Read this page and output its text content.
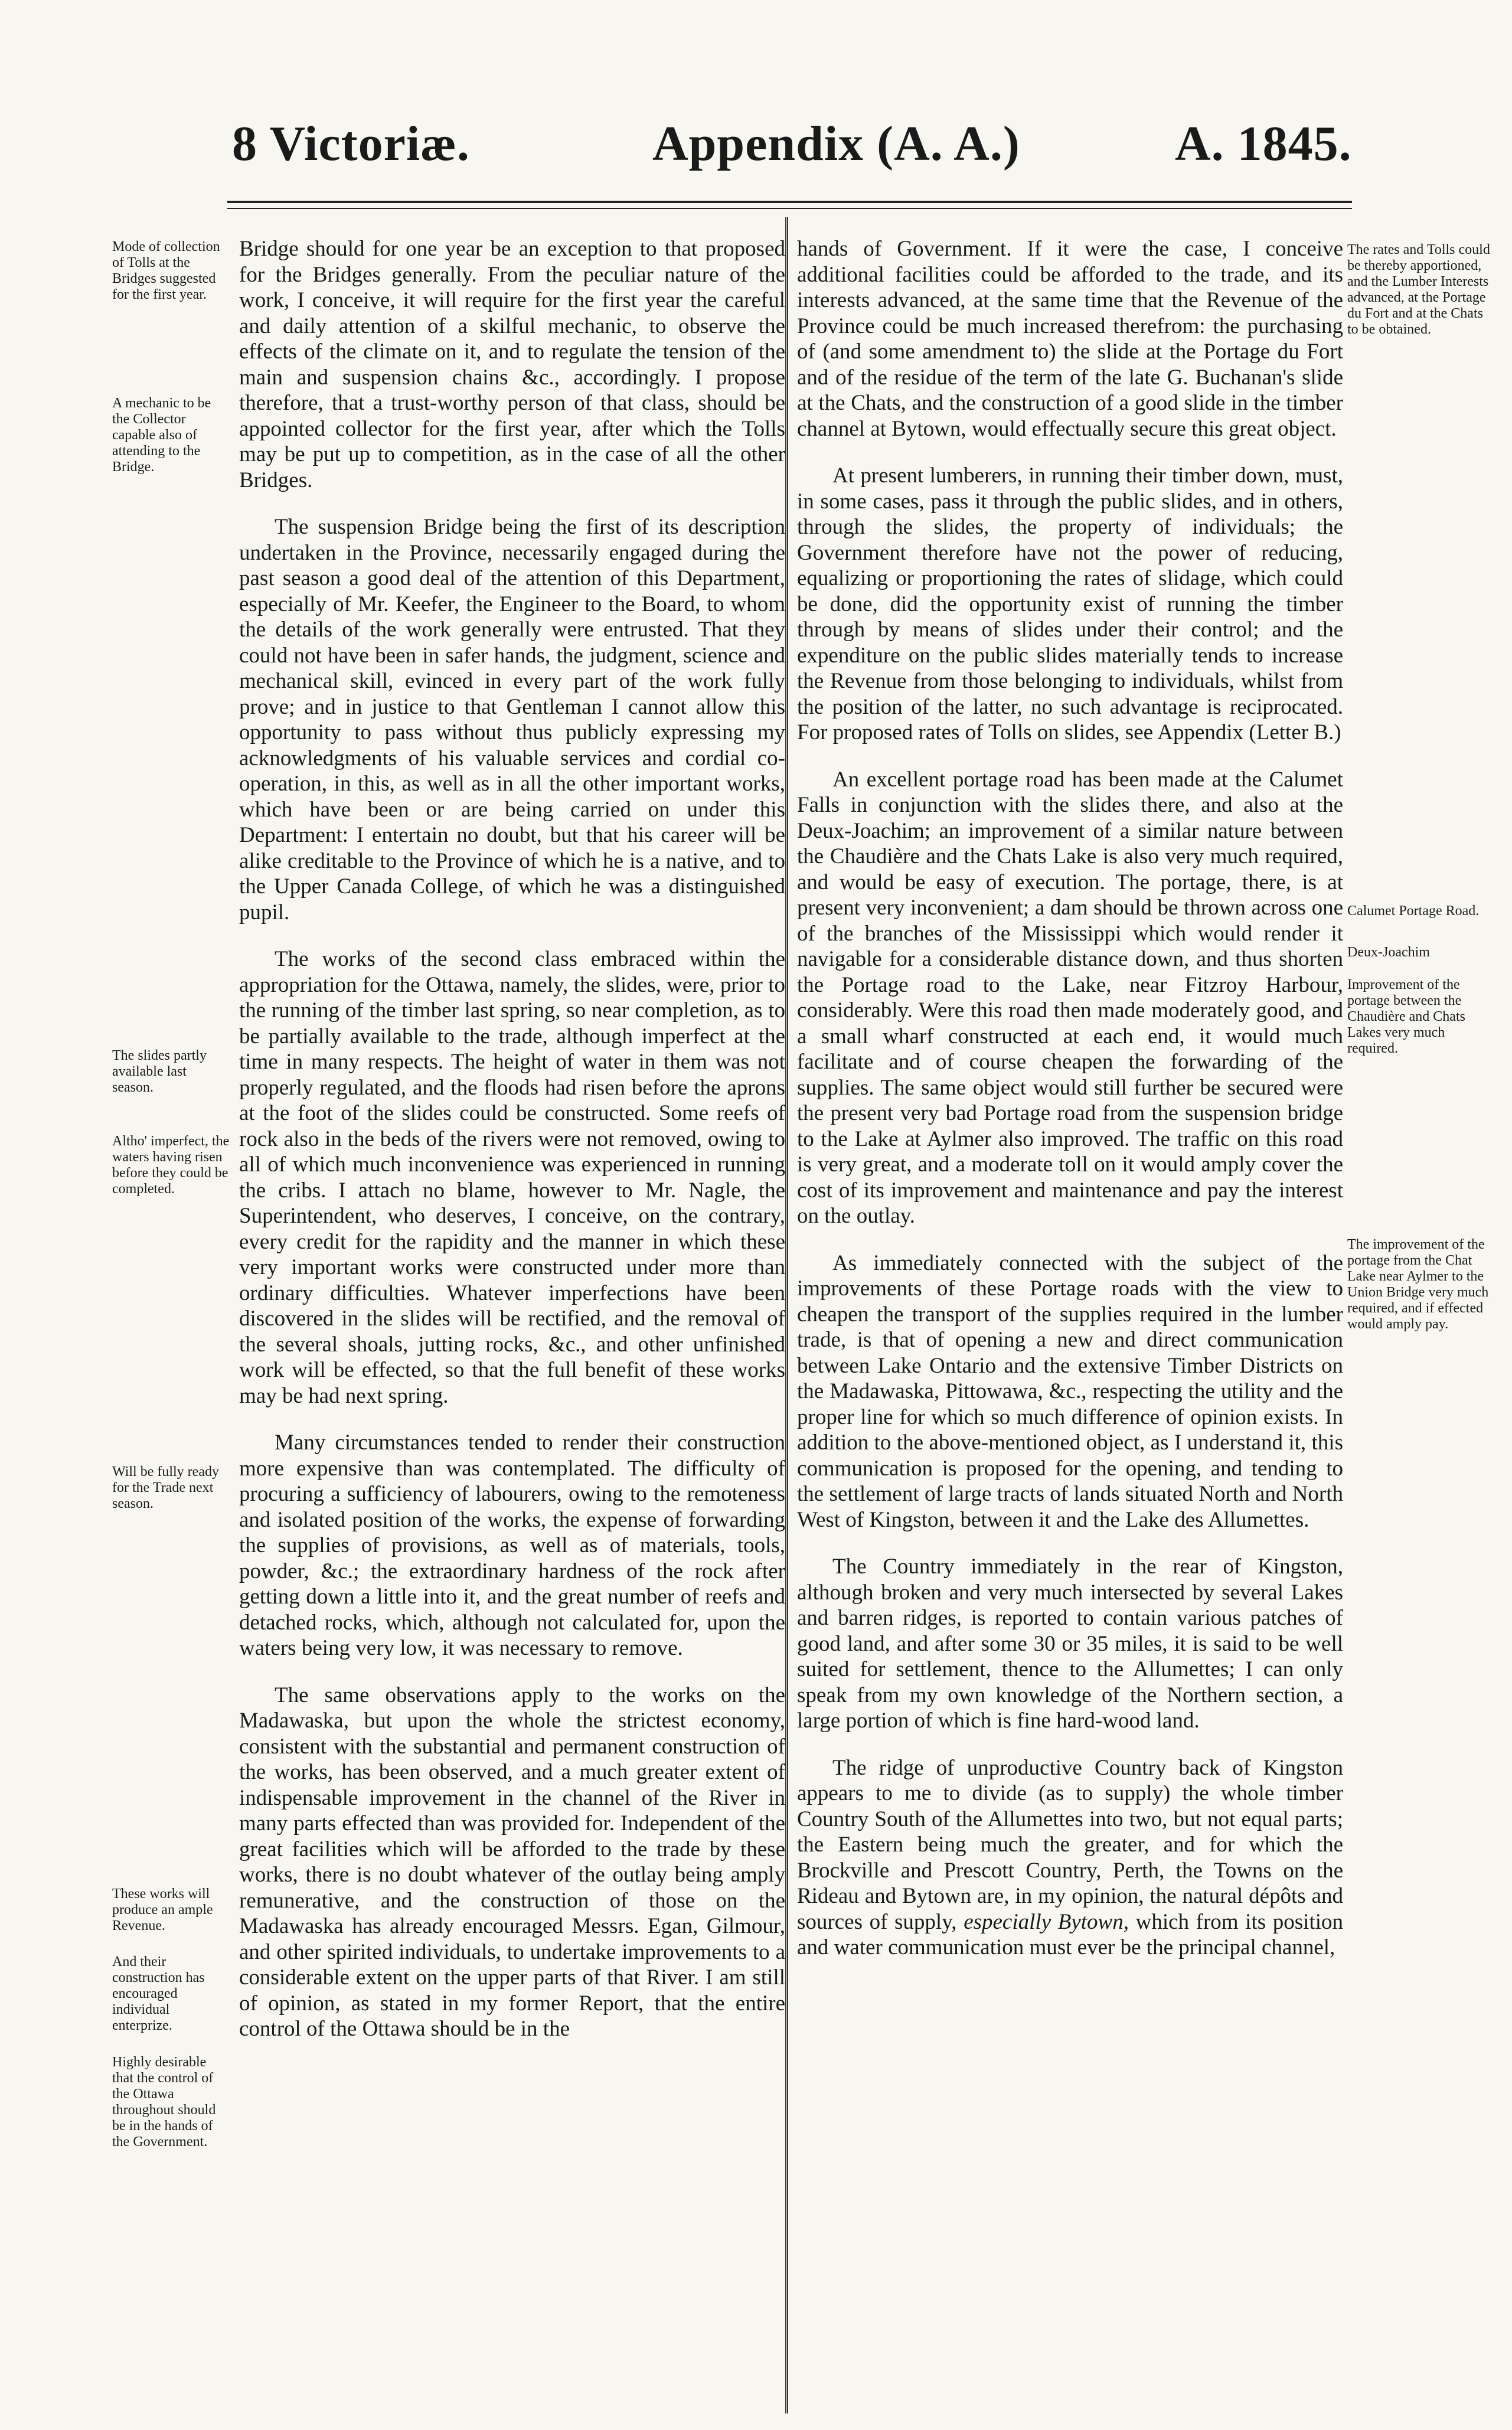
8 Victoriæ.	Appendix (A. A.)	A. 1845.
Mode of collection of Tolls at the Bridges suggested for the first year.
A mechanic to be the Collector capable also of attending to the Bridge.
The slides partly available last season.
Altho' imperfect, the waters having risen before they could be completed.
Will be fully ready for the Trade next season.
These works will produce an ample Revenue.
And their construction has encouraged individual enterprize.
Highly desirable that the control of the Ottawa throughout should be in the hands of the Government.
The rates and Tolls could be thereby apportioned, and the Lumber Interests advanced, at the Portage du Fort and at the Chats to be obtained.
Calumet Portage Road.
Deux-Joachim
Improvement of the portage between the Chaudière and Chats Lakes very much required.
The improvement of the portage from the Chat Lake near Aylmer to the Union Bridge very much required, and if effected would amply pay.

Bridge should for one year be an exception to that proposed for the Bridges generally. From the peculiar nature of the work, I conceive, it will require for the first year the careful and daily attention of a skilful mechanic, to observe the effects of the climate on it, and to regulate the tension of the main and suspension chains &c., accordingly. I propose therefore, that a trust-worthy person of that class, should be appointed collector for the first year, after which the Tolls may be put up to competition, as in the case of all the other Bridges.

The suspension Bridge being the first of its description undertaken in the Province, necessarily engaged during the past season a good deal of the attention of this Department, especially of Mr. Keefer, the Engineer to the Board, to whom the details of the work generally were entrusted. That they could not have been in safer hands, the judgment, science and mechanical skill, evinced in every part of the work fully prove; and in justice to that Gentleman I cannot allow this opportunity to pass without thus publicly expressing my acknowledgments of his valuable services and cordial co-operation, in this, as well as in all the other important works, which have been or are being carried on under this Department: I entertain no doubt, but that his career will be alike creditable to the Province of which he is a native, and to the Upper Canada College, of which he was a distinguished pupil.

The works of the second class embraced within the appropriation for the Ottawa, namely, the slides, were, prior to the running of the timber last spring, so near completion, as to be partially available to the trade, although imperfect at the time in many respects. The height of water in them was not properly regulated, and the floods had risen before the aprons at the foot of the slides could be constructed. Some reefs of rock also in the beds of the rivers were not removed, owing to all of which much inconvenience was experienced in running the cribs. I attach no blame, however to Mr. Nagle, the Superintendent, who deserves, I conceive, on the contrary, every credit for the rapidity and the manner in which these very important works were constructed under more than ordinary difficulties. Whatever imperfections have been discovered in the slides will be rectified, and the removal of the several shoals, jutting rocks, &c., and other unfinished work will be effected, so that the full benefit of these works may be had next spring.

Many circumstances tended to render their construction more expensive than was contemplated. The difficulty of procuring a sufficiency of labourers, owing to the remoteness and isolated position of the works, the expense of forwarding the supplies of provisions, as well as of materials, tools, powder, &c.; the extraordinary hardness of the rock after getting down a little into it, and the great number of reefs and detached rocks, which, although not calculated for, upon the waters being very low, it was necessary to remove.

The same observations apply to the works on the Madawaska, but upon the whole the strictest economy, consistent with the substantial and permanent construction of the works, has been observed, and a much greater extent of indispensable improvement in the channel of the River in many parts effected than was provided for. Independent of the great facilities which will be afforded to the trade by these works, there is no doubt whatever of the outlay being amply remunerative, and the construction of those on the Madawaska has already encouraged Messrs. Egan, Gilmour, and other spirited individuals, to undertake improvements to a considerable extent on the upper parts of that River. I am still of opinion, as stated in my former Report, that the entire control of the Ottawa should be in the

hands of Government. If it were the case, I conceive additional facilities could be afforded to the trade, and its interests advanced, at the same time that the Revenue of the Province could be much increased therefrom: the purchasing of (and some amendment to) the slide at the Portage du Fort and of the residue of the term of the late G. Buchanan's slide at the Chats, and the construction of a good slide in the timber channel at Bytown, would effectually secure this great object.

At present lumberers, in running their timber down, must, in some cases, pass it through the public slides, and in others, through the slides, the property of individuals; the Government therefore have not the power of reducing, equalizing or proportioning the rates of slidage, which could be done, did the opportunity exist of running the timber through by means of slides under their control; and the expenditure on the public slides materially tends to increase the Revenue from those belonging to individuals, whilst from the position of the latter, no such advantage is reciprocated. For proposed rates of Tolls on slides, see Appendix (Letter B.)

An excellent portage road has been made at the Calumet Falls in conjunction with the slides there, and also at the Deux-Joachim; an improvement of a similar nature between the Chaudière and the Chats Lake is also very much required, and would be easy of execution. The portage, there, is at present very inconvenient; a dam should be thrown across one of the branches of the Mississippi which would render it navigable for a considerable distance down, and thus shorten the Portage road to the Lake, near Fitzroy Harbour, considerably. Were this road then made moderately good, and a small wharf constructed at each end, it would much facilitate and of course cheapen the forwarding of the supplies. The same object would still further be secured were the present very bad Portage road from the suspension bridge to the Lake at Aylmer also improved. The traffic on this road is very great, and a moderate toll on it would amply cover the cost of its improvement and maintenance and pay the interest on the outlay.

As immediately connected with the subject of the improvements of these Portage roads with the view to cheapen the transport of the supplies required in the lumber trade, is that of opening a new and direct communication between Lake Ontario and the extensive Timber Districts on the Madawaska, Pittowawa, &c., respecting the utility and the proper line for which so much difference of opinion exists. In addition to the above-mentioned object, as I understand it, this communication is proposed for the opening, and tending to the settlement of large tracts of lands situated North and North West of Kingston, between it and the Lake des Allumettes.

The Country immediately in the rear of Kingston, although broken and very much intersected by several Lakes and barren ridges, is reported to contain various patches of good land, and after some 30 or 35 miles, it is said to be well suited for settlement, thence to the Allumettes; I can only speak from my own knowledge of the Northern section, a large portion of which is fine hard-wood land.

The ridge of unproductive Country back of Kingston appears to me to divide (as to supply) the whole timber Country South of the Allumettes into two, but not equal parts; the Eastern being much the greater, and for which the Brockville and Prescott Country, Perth, the Towns on the Rideau and Bytown are, in my opinion, the natural dépôts and sources of supply, especially Bytown, which from its position and water communication must ever be the principal channel,
